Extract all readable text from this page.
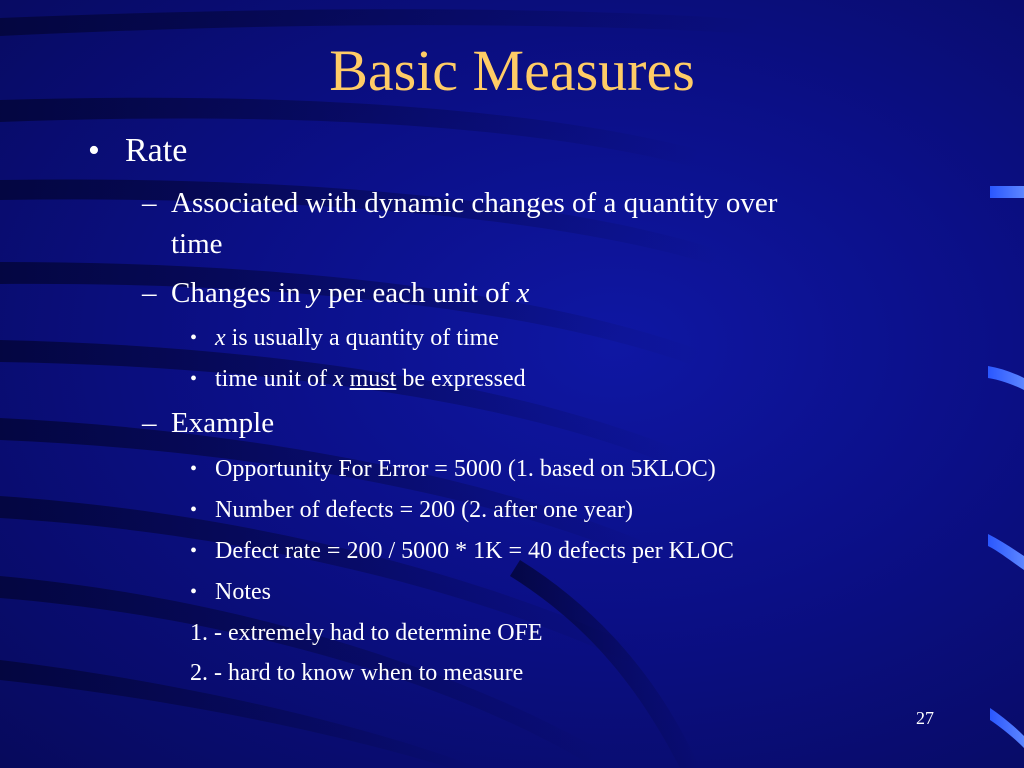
Basic Measures
• Rate
– Associated with dynamic changes of a quantity over
time
– Changes in y per each unit of x
• x is usually a quantity of time
• time unit of x must be expressed
– Example
• Opportunity For Error = 5000 (1. based on 5KLOC)
• Number of defects = 200 (2. after one year)
• Defect rate = 200 / 5000 * 1K = 40 defects per KLOC
• Notes
1. - extremely had to determine OFE
2. - hard to know when to measure
27
